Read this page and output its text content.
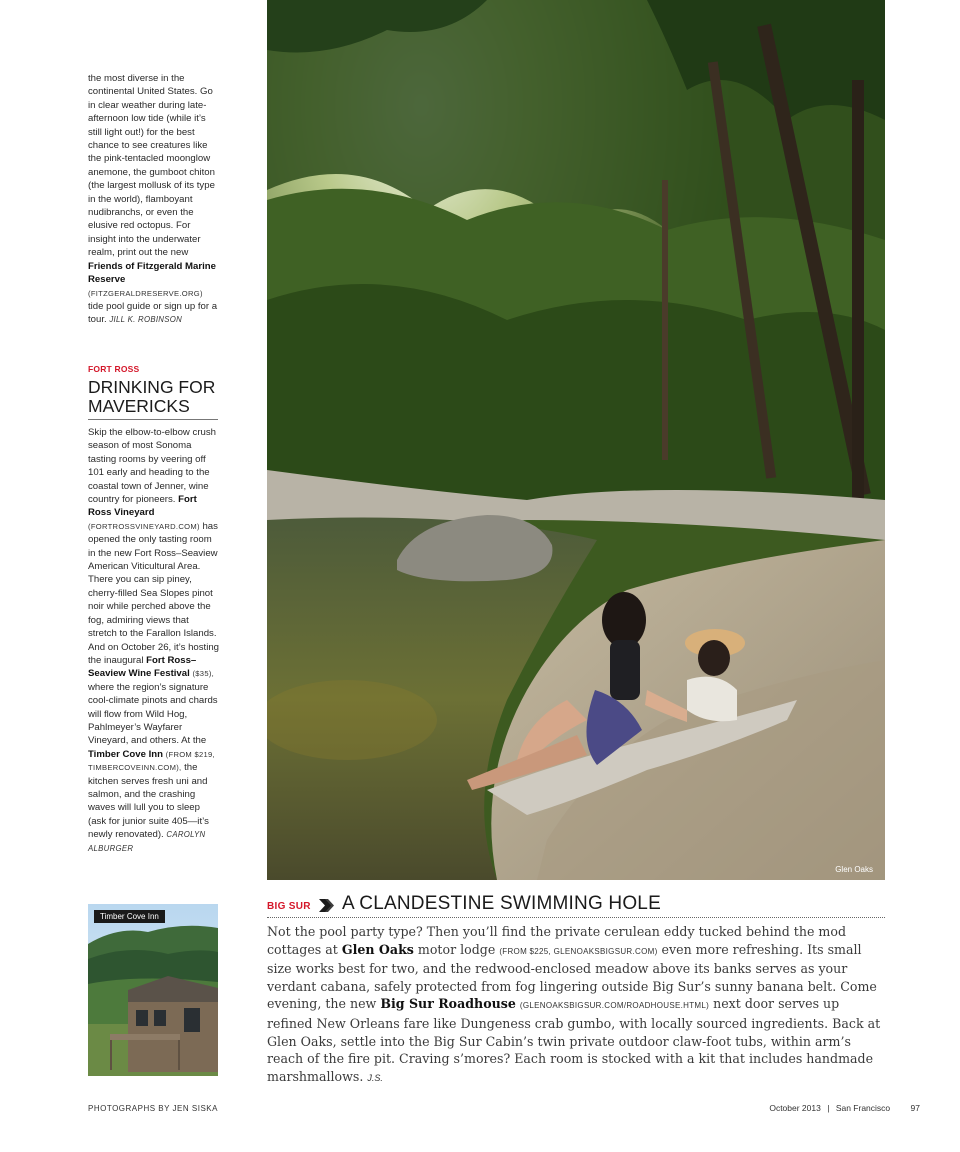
the most diverse in the continental United States. Go in clear weather during late-afternoon low tide (while it’s still light out!) for the best chance to see creatures like the pink-tentacled moonglow anemone, the gumboot chiton (the largest mollusk of its type in the world), flamboyant nudibranchs, or even the elusive red octopus. For insight into the underwater realm, print out the new Friends of Fitzgerald Marine Reserve (FITZGERALDRESERVE.ORG) tide pool guide or sign up for a tour. JILL K. ROBINSON

FORT ROSS
DRINKING FOR MAVERICKS

Skip the elbow-to-elbow crush season of most Sonoma tasting rooms by veering off 101 early and heading to the coastal town of Jenner, wine country for pioneers. Fort Ross Vineyard (FORTROSSVINEYARD.COM) has opened the only tasting room in the new Fort Ross–Seaview American Viticultural Area. There you can sip piney, cherry-filled Sea Slopes pinot noir while perched above the fog, admiring views that stretch to the Farallon Islands. And on October 26, it’s hosting the inaugural Fort Ross–Seaview Wine Festival ($35), where the region’s signature cool-climate pinots and chards will flow from Wild Hog, Pahlmeyer’s Wayfarer Vineyard, and others. At the Timber Cove Inn (FROM $219, TIMBERCOVEINN.COM), the kitchen serves fresh uni and salmon, and the crashing waves will lull you to sleep (ask for junior suite 405—it’s newly renovated). CAROLYN ALBURGER

Timber Cove Inn
Glen Oaks
BIG SUR A CLANDESTINE SWIMMING HOLE

Not the pool party type? Then you’ll find the private cerulean eddy tucked behind the mod cottages at Glen Oaks motor lodge (FROM $225, GLENOAKSBIGSUR.COM) even more refreshing. Its small size works best for two, and the redwood-enclosed meadow above its banks serves as your verdant cabana, safely protected from fog lingering outside Big Sur’s sunny banana belt. Come evening, the new Big Sur Roadhouse (GLENOAKSBIGSUR.COM/ROADHOUSE.HTML) next door serves up refined New Orleans fare like Dungeness crab gumbo, with locally sourced ingredients. Back at Glen Oaks, settle into the Big Sur Cabin’s twin private outdoor claw-foot tubs, within arm’s reach of the fire pit. Craving s’mores? Each room is stocked with a kit that includes handmade marshmallows. J.S.

PHOTOGRAPHS BY JEN SISKA	October 2013 | San Francisco 97
